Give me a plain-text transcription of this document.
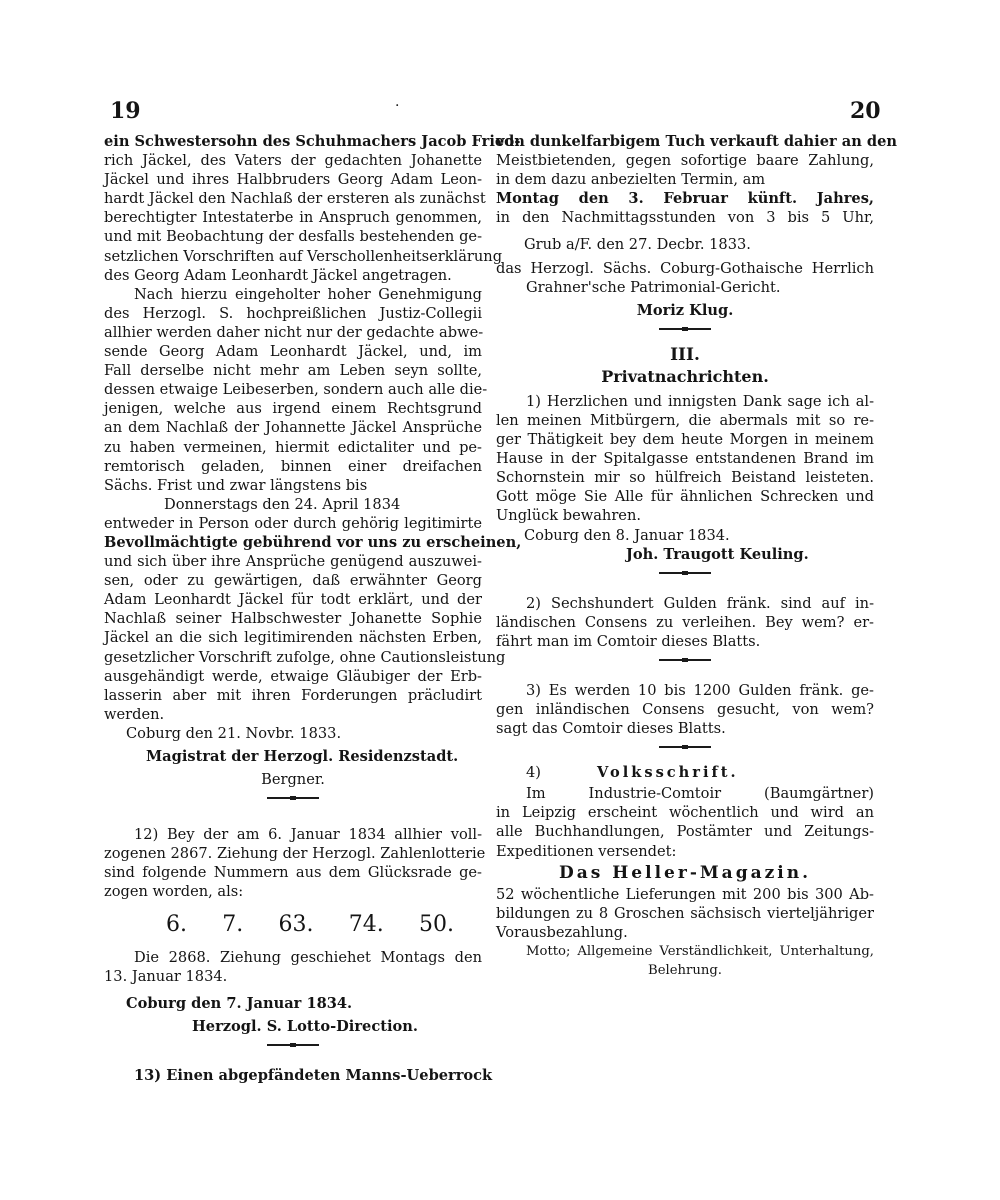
19	·	20

ein Schwestersohn des Schuhmachers Jacob Fried-
rich Jäckel, des Vaters der gedachten Johanette
Jäckel und ihres Halbbruders Georg Adam Leon-
hardt Jäckel den Nachlaß der ersteren als zunächst
berechtigter Intestaterbe in Anspruch genommen,
und mit Beobachtung der desfalls bestehenden ge-
setzlichen Vorschriften auf Verschollenheitserklärung
des Georg Adam Leonhardt Jäckel angetragen.

Nach hierzu eingeholter hoher Genehmigung
des Herzogl. S. hochpreißlichen Justiz-Collegii
allhier werden daher nicht nur der gedachte abwe-
sende Georg Adam Leonhardt Jäckel, und, im
Fall derselbe nicht mehr am Leben seyn sollte,
dessen etwaige Leibeserben, sondern auch alle die-
jenigen, welche aus irgend einem Rechtsgrund
an dem Nachlaß der Johannette Jäckel Ansprüche
zu haben vermeinen, hiermit edictaliter und pe-
remtorisch geladen, binnen einer dreifachen
Sächs. Frist und zwar längstens bis

Donnerstags den 24. April 1834

entweder in Person oder durch gehörig legitimirte
Bevollmächtigte gebührend vor uns zu erscheinen,
und sich über ihre Ansprüche genügend auszuwei-
sen, oder zu gewärtigen, daß erwähnter Georg
Adam Leonhardt Jäckel für todt erklärt, und der
Nachlaß seiner Halbschwester Johanette Sophie
Jäckel an die sich legitimirenden nächsten Erben,
gesetzlicher Vorschrift zufolge, ohne Cautionsleistung
ausgehändigt werde, etwaige Gläubiger der Erb-
lasserin aber mit ihren Forderungen präcludirt
werden.

Coburg den 21. Novbr. 1833.
Magistrat der Herzogl. Residenzstadt.
Bergner.

12) Bey der am 6. Januar 1834 allhier voll-
zogenen 2867. Ziehung der Herzogl. Zahlenlotterie
sind folgende Nummern aus dem Glücksrade ge-
zogen worden, als:

6. 7. 63. 74. 50.

Die 2868. Ziehung geschiehet Montags den
13. Januar 1834.

Coburg den 7. Januar 1834.
Herzogl. S. Lotto-Direction.
13) Einen abgepfändeten Manns-Ueberrock

von dunkelfarbigem Tuch verkauft dahier an den
Meistbietenden, gegen sofortige baare Zahlung,
in dem dazu anbezielten Termin, am
Montag den 3. Februar künft. Jahres,
in den Nachmittagsstunden von 3 bis 5 Uhr,

Grub a/F. den 27. Decbr. 1833.
das Herzogl. Sächs. Coburg-Gothaische Herrlich
Grahner'sche Patrimonial-Gericht.
Moriz Klug.
III.
Privatnachrichten.

1) Herzlichen und innigsten Dank sage ich al-
len meinen Mitbürgern, die abermals mit so re-
ger Thätigkeit bey dem heute Morgen in meinem
Hause in der Spitalgasse entstandenen Brand im
Schornstein mir so hülfreich Beistand leisteten.
Gott möge Sie Alle für ähnlichen Schrecken und
Unglück bewahren.

Coburg den 8. Januar 1834.
Joh. Traugott Keuling.

2) Sechshundert Gulden fränk. sind auf in-
ländischen Consens zu verleihen. Bey wem? er-
fährt man im Comtoir dieses Blatts.

3) Es werden 10 bis 1200 Gulden fränk. ge-
gen inländischen Consens gesucht, von wem?
sagt das Comtoir dieses Blatts.

4)	Volksschrift.

Im Industrie-Comtoir (Baumgärtner)
in Leipzig erscheint wöchentlich und wird an
alle Buchhandlungen, Postämter und Zeitungs-
Expeditionen versendet:

Das Heller-Magazin.

52 wöchentliche Lieferungen mit 200 bis 300 Ab-
bildungen zu 8 Groschen sächsisch vierteljähriger
Vorausbezahlung.

Motto; Allgemeine Verständlichkeit, Unterhaltung,
Belehrung.
